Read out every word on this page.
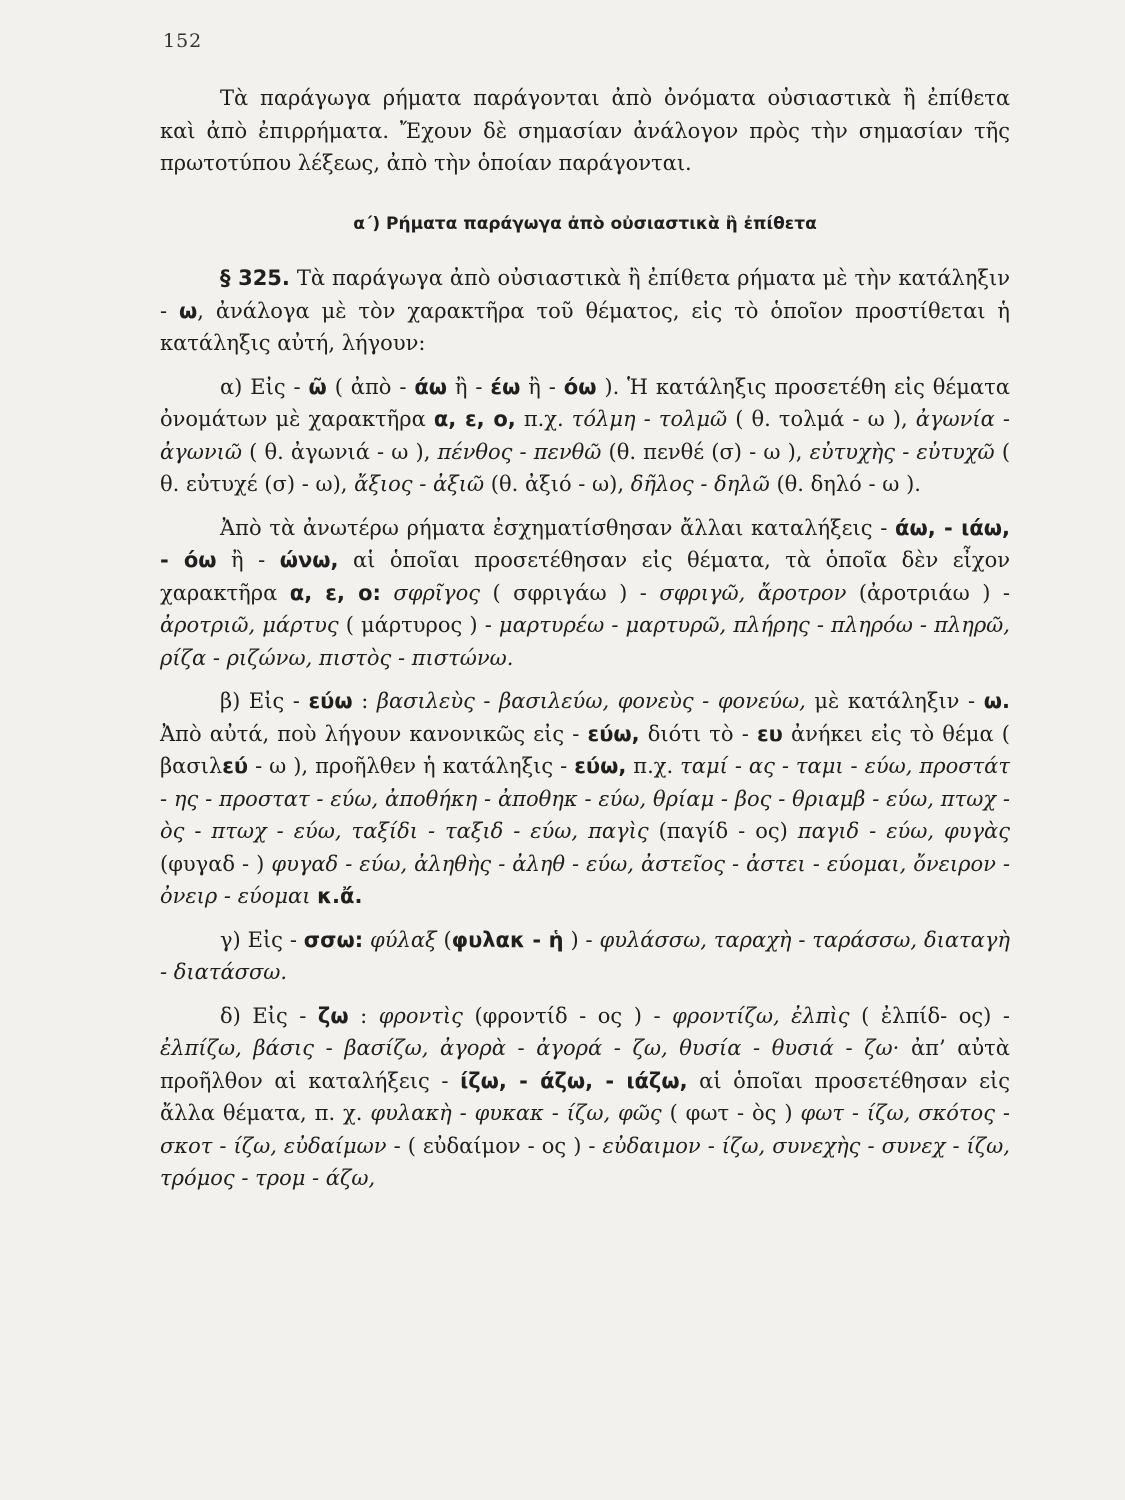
152

Τὰ παράγωγα ρήματα παράγονται ἀπὸ ὀνόματα οὐσιαστικὰ ἢ ἐπίθετα καὶ ἀπὸ ἐπιρρήματα. Ἔχουν δὲ σημασίαν ἀνάλογον πρὸς τὴν σημασίαν τῆς πρωτοτύπου λέξεως, ἀπὸ τὴν ὁποίαν παράγονται.

α΄) Ρήματα παράγωγα ἀπὸ οὐσιαστικὰ ἢ ἐπίθετα

§ 325. Τὰ παράγωγα ἀπὸ οὐσιαστικὰ ἢ ἐπίθετα ρήματα μὲ τὴν κατάληξιν - ω, ἀνάλογα μὲ τὸν χαρακτῆρα τοῦ θέματος, εἰς τὸ ὁποῖον προστίθεται ἡ κατάληξις αὐτή, λήγουν:

α) Εἰς - ῶ ( ἀπὸ - άω ἢ - έω ἢ - όω ). Ἡ κατάληξις προσετέθη εἰς θέματα ὀνομάτων μὲ χαρακτῆρα α, ε, ο, π.χ. τόλμη - τολμῶ ( θ. τολμά - ω ), ἀγωνία - ἀγωνιῶ ( θ. ἀγωνιά - ω ), πένθος - πενθῶ (θ. πενθέ (σ) - ω ), εὐτυχὴς - εὐτυχῶ ( θ. εὐτυχέ (σ) - ω), ἄξιος - ἀξιῶ (θ. ἀξιό - ω), δῆλος - δηλῶ (θ. δηλό - ω ).

Ἀπὸ τὰ ἀνωτέρω ρήματα ἐσχηματίσθησαν ἄλλαι καταλήξεις - άω, - ιάω, - όω ἢ - ώνω, αἱ ὁποῖαι προσετέθησαν εἰς θέματα, τὰ ὁποῖα δὲν εἶχον χαρακτῆρα α, ε, ο: σφρῖγος ( σφριγάω ) - σφριγῶ, ἄροτρον (ἀροτριάω ) - ἀροτριῶ, μάρτυς ( μάρτυρος ) - μαρτυρέω - μαρτυρῶ, πλήρης - πληρόω - πληρῶ, ρίζα - ριζώνω, πιστὸς - πιστώνω.

β) Εἰς - εύω : βασιλεὺς - βασιλεύω, φονεὺς - φονεύω, μὲ κατάληξιν - ω. Ἀπὸ αὐτά, ποὺ λήγουν κανονικῶς εἰς - εύω, διότι τὸ - ευ ἀνήκει εἰς τὸ θέμα ( βασιλεύ - ω ), προῆλθεν ἡ κατάληξις - εύω, π.χ. ταμί - ας - ταμι - εύω, προστάτ - ης - προστατ - εύω, ἀποθήκη - ἀποθηκ - εύω, θρίαμ - βος - θριαμβ - εύω, πτωχ - ὸς - πτωχ - εύω, ταξίδι - ταξιδ - εύω, παγὶς (παγίδ - ος) παγιδ - εύω, φυγὰς (φυγαδ - ) φυγαδ - εύω, ἀληθὴς - ἀληθ - εύω, ἀστεῖος - ἀστει - εύομαι, ὄνειρον - ὀνειρ - εύομαι κ.ἄ.

γ) Εἰς - σσω: φύλαξ (φυλακ - ἡ ) - φυλάσσω, ταραχὴ - ταράσσω, διαταγὴ - διατάσσω.

δ) Εἰς - ζω : φροντὶς (φροντίδ - ος ) - φροντίζω, ἐλπὶς ( ἐλπίδ- ος) - ἐλπίζω, βάσις - βασίζω, ἀγορὰ - ἀγορά - ζω, θυσία - θυσιά - ζω· ἀπ’ αὐτὰ προῆλθον αἱ καταλήξεις - ίζω, - άζω, - ιάζω, αἱ ὁποῖαι προσετέθησαν εἰς ἄλλα θέματα, π. χ. φυλακὴ - φυκακ - ίζω, φῶς ( φωτ - ὸς ) φωτ - ίζω, σκότος - σκοτ - ίζω, εὐδαίμων - ( εὐδαίμον - ος ) - εὐδαιμον - ίζω, συνεχὴς - συνεχ - ίζω, τρόμος - τρομ - άζω,
